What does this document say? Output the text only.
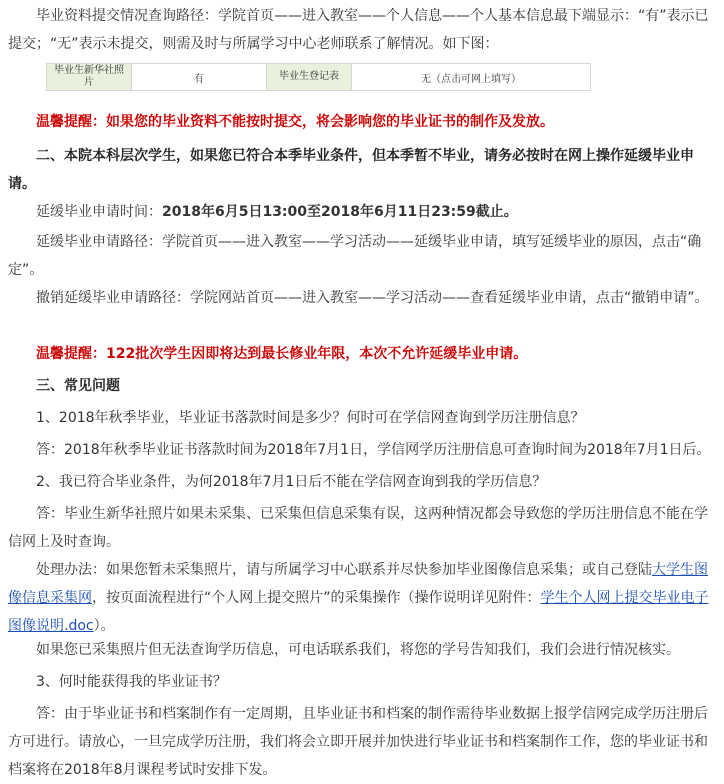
毕业资料提交情况查询路径：学院首页——进入教室——个人信息——个人基本信息最下端显示：“有”表示已提交；“无”表示未提交，则需及时与所属学习中心老师联系了解情况。如下图：

毕业生新华社照片	有	毕业生登记表	无（点击可网上填写）

温馨提醒：如果您的毕业资料不能按时提交，将会影响您的毕业证书的制作及发放。

二、本院本科层次学生，如果您已符合本季毕业条件，但本季暂不毕业，请务必按时在网上操作延缓毕业申请。

延缓毕业申请时间：2018年6月5日13:00至2018年6月11日23:59截止。

延缓毕业申请路径：学院首页——进入教室——学习活动——延缓毕业申请，填写延缓毕业的原因，点击“确定”。

撤销延缓毕业申请路径：学院网站首页——进入教室——学习活动——查看延缓毕业申请，点击“撤销申请”。

温馨提醒：122批次学生因即将达到最长修业年限，本次不允许延缓毕业申请。

三、常见问题

1、2018年秋季毕业，毕业证书落款时间是多少？何时可在学信网查询到学历注册信息？

答：2018年秋季毕业证书落款时间为2018年7月1日，学信网学历注册信息可查询时间为2018年7月1日后。

2、我已符合毕业条件，为何2018年7月1日后不能在学信网查询到我的学历信息？

答：毕业生新华社照片如果未采集、已采集但信息采集有误，这两种情况都会导致您的学历注册信息不能在学信网上及时查询。

处理办法：如果您暂未采集照片，请与所属学习中心联系并尽快参加毕业图像信息采集；或自己登陆大学生图像信息采集网，按页面流程进行“个人网上提交照片”的采集操作（操作说明详见附件：学生个人网上提交毕业电子图像说明.doc）。

如果您已采集照片但无法查询学历信息，可电话联系我们，将您的学号告知我们，我们会进行情况核实。

3、何时能获得我的毕业证书？

答：由于毕业证书和档案制作有一定周期，且毕业证书和档案的制作需待毕业数据上报学信网完成学历注册后方可进行。请放心，一旦完成学历注册，我们将会立即开展并加快进行毕业证书和档案制作工作，您的毕业证书和档案将在2018年8月课程考试时安排下发。
